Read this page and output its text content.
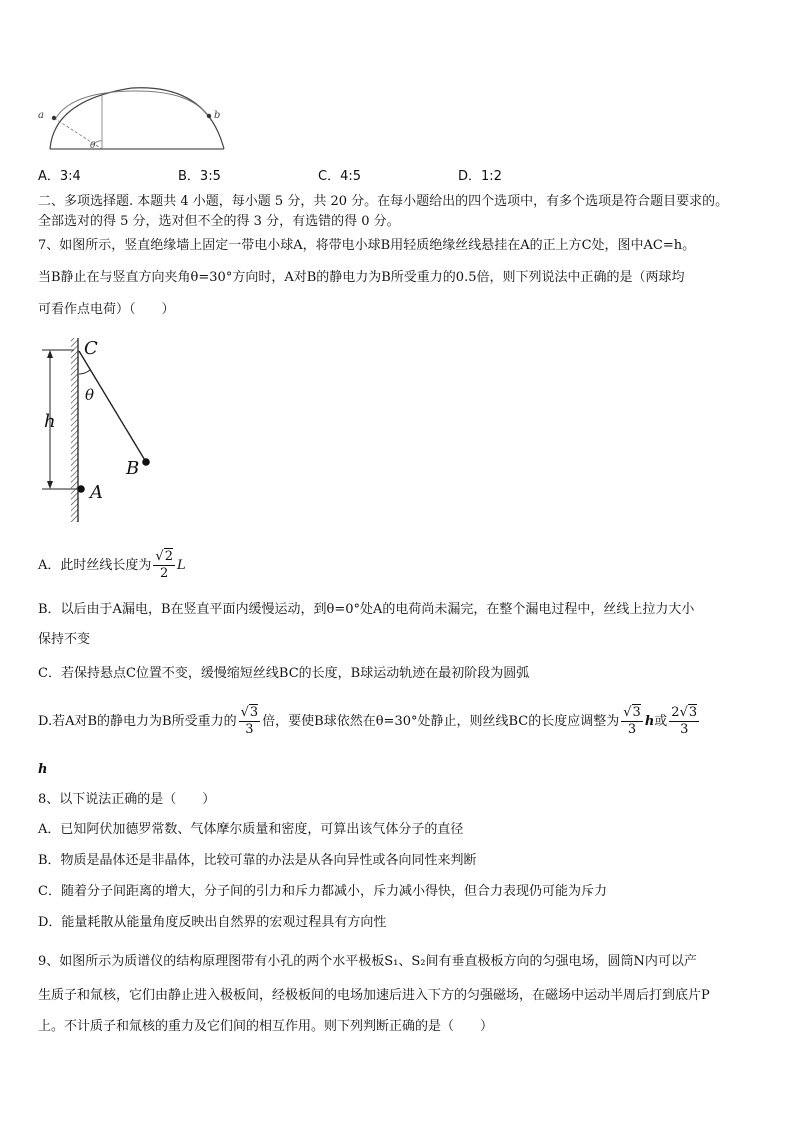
a	b
θ
A．3:4	B．3:5	C．4:5	D．1:2
二、多项选择题. 本题共 4 小题，每小题 5 分，共 20 分。在每小题给出的四个选项中，有多个选项是符合题目要求的。
全部选对的得 5 分，选对但不全的得 3 分，有选错的得 0 分。
7、如图所示，竖直绝缘墙上固定一带电小球A，将带电小球B用轻质绝缘丝线悬挂在A的正上方C处，图中AC=h。
当B静止在与竖直方向夹角θ=30°方向时，A对B的静电力为B所受重力的0.5倍，则下列说法中正确的是（两球均
可看作点电荷）（　　）
C
θ
h
B
A
A．此时丝线长度为 $\frac{√2}{2}$ L
B．以后由于A漏电，B在竖直平面内缓慢运动，到θ=0°处A的电荷尚未漏完，在整个漏电过程中，丝线上拉力大小
保持不变
C．若保持悬点C位置不变，缓慢缩短丝线BC的长度，B球运动轨迹在最初阶段为圆弧
D.若A对B的静电力为B所受重力的 $\frac{√3}{3}$ 倍，要使B球依然在θ=30°处静止，则丝线BC的长度应调整为 $\frac{√3}{3}$ h或 $\frac{2√3}{3}$
h
8、以下说法正确的是（　　）
A．已知阿伏加德罗常数、气体摩尔质量和密度，可算出该气体分子的直径
B．物质是晶体还是非晶体，比较可靠的办法是从各向异性或各向同性来判断
C．随着分子间距离的增大，分子间的引力和斥力都减小，斥力减小得快，但合力表现仍可能为斥力
D．能量耗散从能量角度反映出自然界的宏观过程具有方向性
9、如图所示为质谱仪的结构原理图带有小孔的两个水平极板S₁、S₂间有垂直极板方向的匀强电场，圆筒N内可以产
生质子和氚核，它们由静止进入极板间，经极板间的电场加速后进入下方的匀强磁场，在磁场中运动半周后打到底片P
上。不计质子和氚核的重力及它们间的相互作用。则下列判断正确的是（　　）
